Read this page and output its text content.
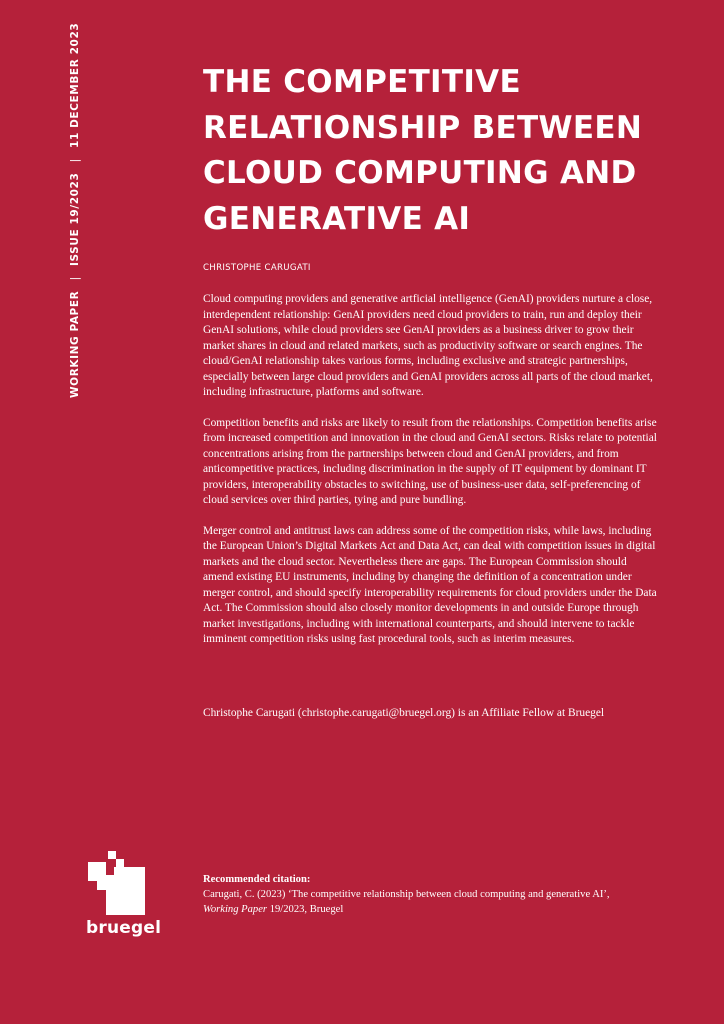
WORKING PAPER | ISSUE 19/2023 | 11 DECEMBER 2023	THE COMPETITIVE RELATIONSHIP BETWEEN CLOUD COMPUTING AND GENERATIVE AI
CHRISTOPHE CARUGATI

Cloud computing providers and generative artficial intelligence (GenAI) providers nurture a close, interdependent relationship: GenAI providers need cloud providers to train, run and deploy their GenAI solutions, while cloud providers see GenAI providers as a business driver to grow their market shares in cloud and related markets, such as productivity software or search engines. The cloud/GenAI relationship takes various forms, including exclusive and strategic partnerships, especially between large cloud providers and GenAI providers across all parts of the cloud market, including infrastructure, platforms and software.

Competition benefits and risks are likely to result from the relationships. Competition benefits arise from increased competition and innovation in the cloud and GenAI sectors. Risks relate to potential concentrations arising from the partnerships between cloud and GenAI providers, and from anticompetitive practices, including discrimination in the supply of IT equipment by dominant IT providers, interoperability obstacles to switching, use of business-user data, self-preferencing of cloud services over third parties, tying and pure bundling.

Merger control and antitrust laws can address some of the competition risks, while laws, including the European Union’s Digital Markets Act and Data Act, can deal with competition issues in digital markets and the cloud sector. Nevertheless there are gaps. The European Commission should amend existing EU instruments, including by changing the definition of a concentration under merger control, and should specify interoperability requirements for cloud providers under the Data Act. The Commission should also closely monitor developments in and outside Europe through market investigations, including with international counterparts, and should intervene to tackle imminent competition risks using fast procedural tools, such as interim measures.

Christophe Carugati (christophe.carugati@bruegel.org) is an Affiliate Fellow at Bruegel
bruegel
Recommended citation:
Carugati, C. (2023) ‘The competitive relationship between cloud computing and generative AI’,
Working Paper 19/2023, Bruegel
